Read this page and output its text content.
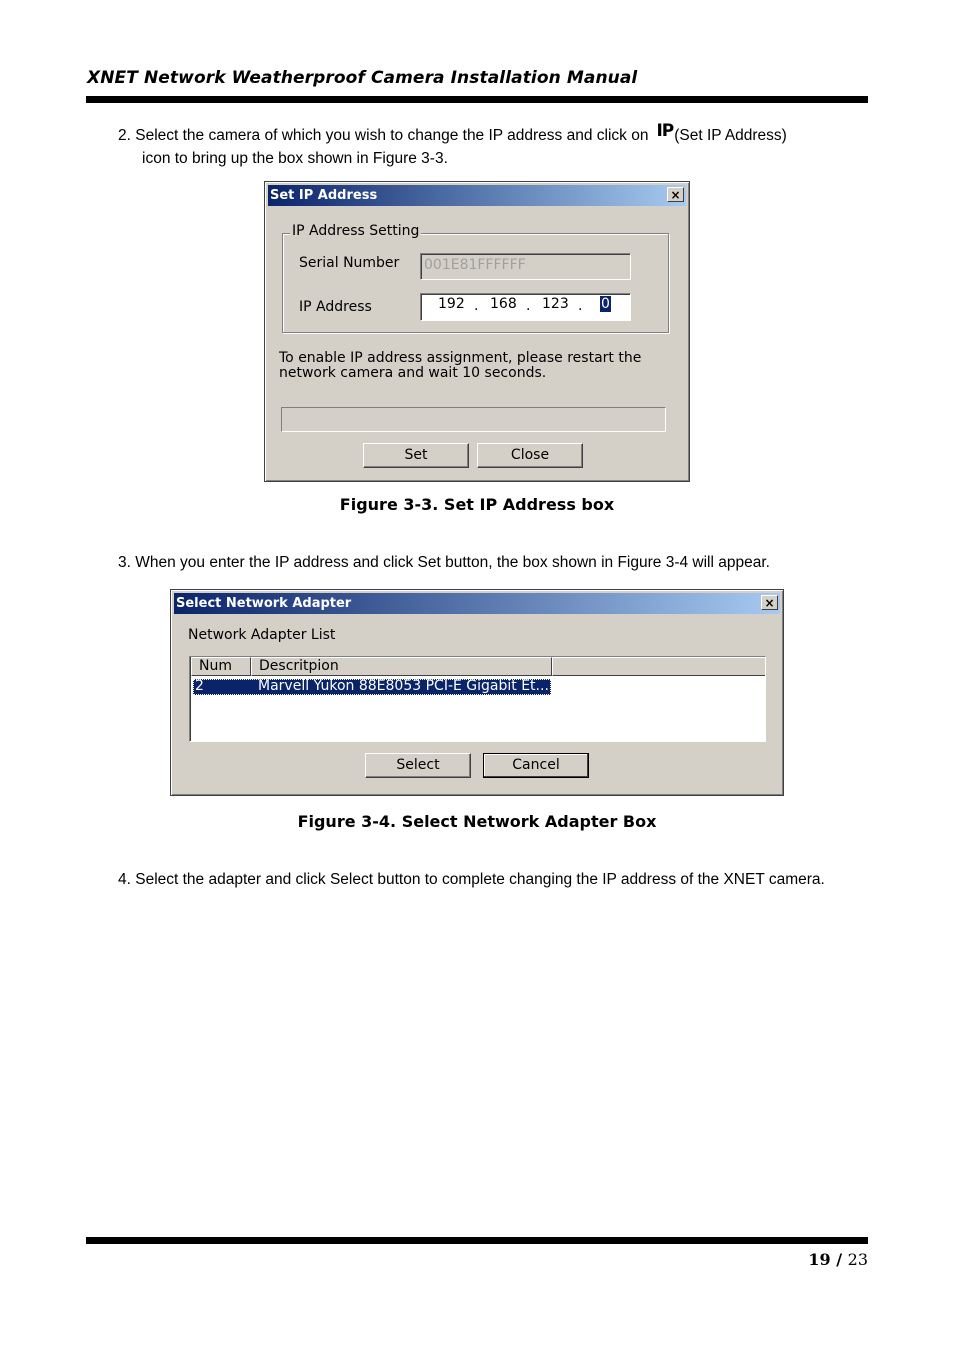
XNET Network Weatherproof Camera Installation Manual
2. Select the camera of which you wish to change the IP address and click on IP(Set IP Address)
icon to bring up the box shown in Figure 3-3.
Set IP Address	×
IP Address Setting
Serial Number 001E81FFFFFF
IP Address	192 . 168 . 123 . 0
To enable IP address assignment, please restart the
network camera and wait 10 seconds.
Set	Close
Figure 3-3. Set IP Address box
3. When you enter the IP address and click Set button, the box shown in Figure 3-4 will appear.
Select Network Adapter	×
Network Adapter List
Num	Descritpion
2	Marvell Yukon 88E8053 PCI-E Gigabit Et...
Select	Cancel
Figure 3-4. Select Network Adapter Box
4. Select the adapter and click Select button to complete changing the IP address of the XNET camera.
19 / 23
